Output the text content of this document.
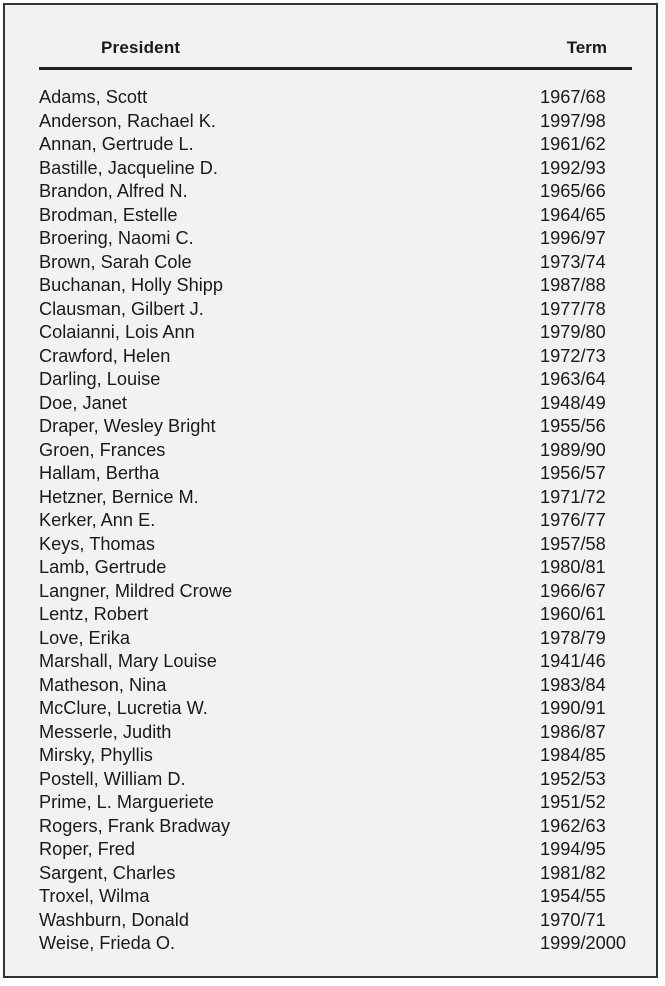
President	Term
Adams, Scott	1967/68
Anderson, Rachael K.	1997/98
Annan, Gertrude L.	1961/62
Bastille, Jacqueline D.	1992/93
Brandon, Alfred N.	1965/66
Brodman, Estelle	1964/65
Broering, Naomi C.	1996/97
Brown, Sarah Cole	1973/74
Buchanan, Holly Shipp	1987/88
Clausman, Gilbert J.	1977/78
Colaianni, Lois Ann	1979/80
Crawford, Helen	1972/73
Darling, Louise	1963/64
Doe, Janet	1948/49
Draper, Wesley Bright	1955/56
Groen, Frances	1989/90
Hallam, Bertha	1956/57
Hetzner, Bernice M.	1971/72
Kerker, Ann E.	1976/77
Keys, Thomas	1957/58
Lamb, Gertrude	1980/81
Langner, Mildred Crowe	1966/67
Lentz, Robert	1960/61
Love, Erika	1978/79
Marshall, Mary Louise	1941/46
Matheson, Nina	1983/84
McClure, Lucretia W.	1990/91
Messerle, Judith	1986/87
Mirsky, Phyllis	1984/85
Postell, William D.	1952/53
Prime, L. Margueriete	1951/52
Rogers, Frank Bradway	1962/63
Roper, Fred	1994/95
Sargent, Charles	1981/82
Troxel, Wilma	1954/55
Washburn, Donald	1970/71
Weise, Frieda O.	1999/2000
